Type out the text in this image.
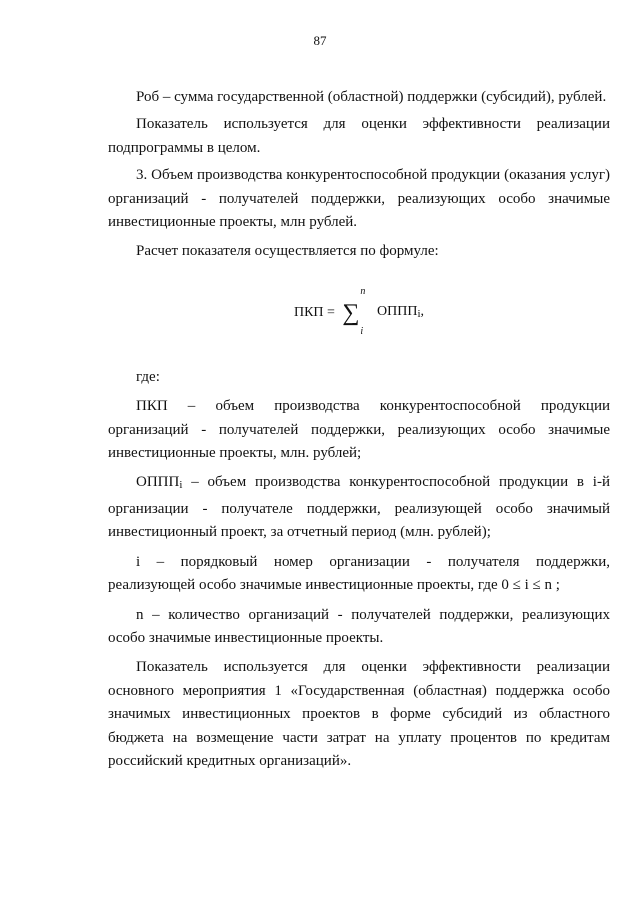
87

Роб – сумма государственной (областной) поддержки (субсидий), рублей.

Показатель используется для оценки эффективности реализации подпрограммы в целом.

3. Объем производства конкурентоспособной продукции (оказания услуг) организаций - получателей поддержки, реализующих особо значимые инвестиционные проекты, млн рублей.

Расчет показателя осуществляется по формуле:

ПКП = ∑
n
i
ОПППi,

где:

ПКП – объем производства конкурентоспособной продукции организаций - получателей поддержки, реализующих особо значимые инвестиционные проекты, млн. рублей;

ОПППi – объем производства конкурентоспособной продукции в i-й организации - получателе поддержки, реализующей особо значимый инвестиционный проект, за отчетный период (млн. рублей);

i – порядковый номер организации - получателя поддержки, реализующей особо значимые инвестиционные проекты, где 0 ≤ i ≤ n ;

n – количество организаций - получателей поддержки, реализующих особо значимые инвестиционные проекты.

Показатель используется для оценки эффективности реализации основного мероприятия 1 «Государственная (областная) поддержка особо значимых инвестиционных проектов в форме субсидий из областного бюджета на возмещение части затрат на уплату процентов по кредитам российский кредитных организаций».
